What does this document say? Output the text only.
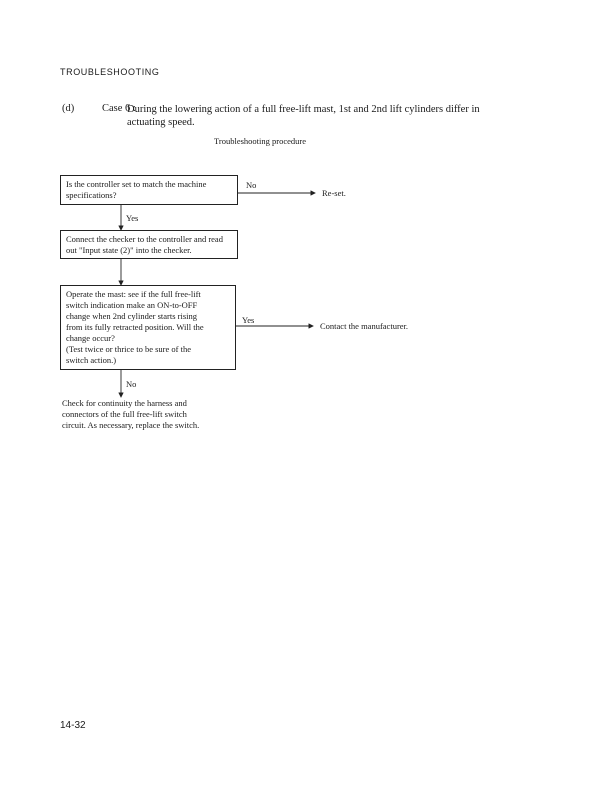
TROUBLESHOOTING
(d)	Case 6 :
During the lowering action of a full free-lift mast, 1st and 2nd lift cylinders differ in actuating speed.
Troubleshooting procedure
Is the controller set to match the machine specifications?
No
Re-set.
Yes
Connect the checker to the controller and read out "Input state (2)" into the checker.
Operate the mast: see if the full free-lift
switch indication make an ON-to-OFF
change when 2nd cylinder starts rising
from its fully retracted position. Will the
change occur?
(Test twice or thrice to be sure of the
switch action.)
Yes
Contact the manufacturer.
No
Check for continuity the harness and
connectors of the full free-lift switch
circuit. As necessary, replace the switch.
14-32
